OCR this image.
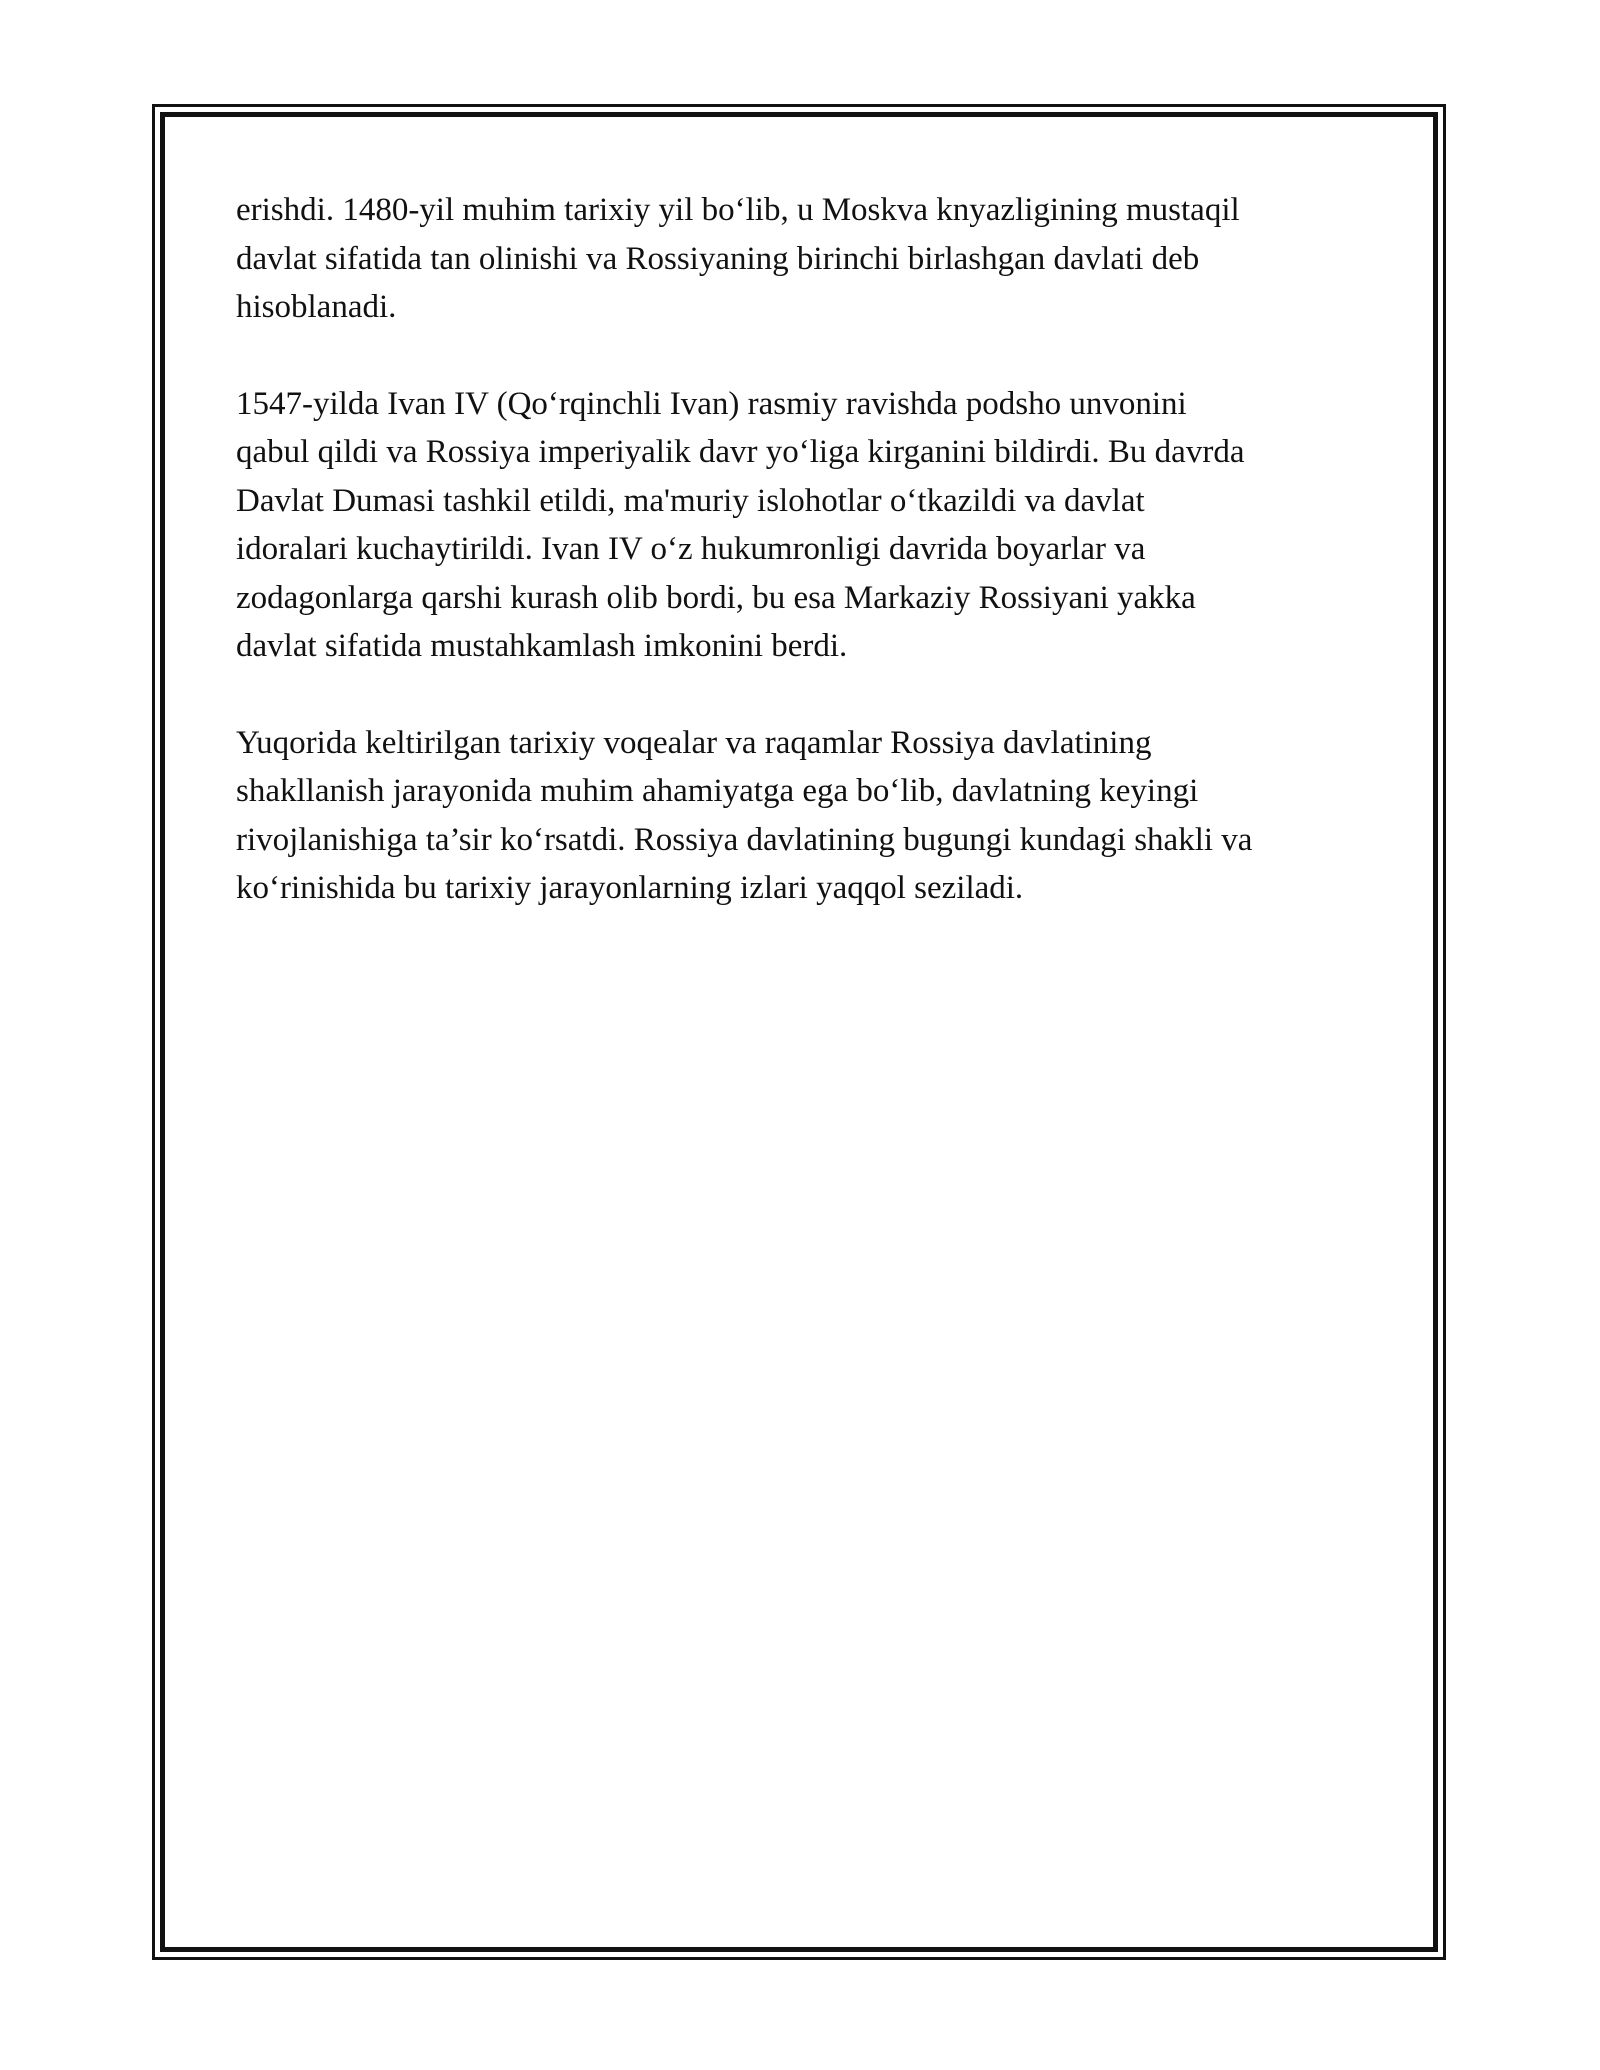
erishdi. 1480-yil muhim tarixiy yil bo‘lib, u Moskva knyazligining mustaqil
davlat sifatida tan olinishi va Rossiyaning birinchi birlashgan davlati deb
hisoblanadi.

1547-yilda Ivan IV (Qo‘rqinchli Ivan) rasmiy ravishda podsho unvonini
qabul qildi va Rossiya imperiyalik davr yo‘liga kirganini bildirdi. Bu davrda
Davlat Dumasi tashkil etildi, ma'muriy islohotlar o‘tkazildi va davlat
idoralari kuchaytirildi. Ivan IV o‘z hukumronligi davrida boyarlar va
zodagonlarga qarshi kurash olib bordi, bu esa Markaziy Rossiyani yakka
davlat sifatida mustahkamlash imkonini berdi.

Yuqorida keltirilgan tarixiy voqealar va raqamlar Rossiya davlatining
shakllanish jarayonida muhim ahamiyatga ega bo‘lib, davlatning keyingi
rivojlanishiga ta’sir ko‘rsatdi. Rossiya davlatining bugungi kundagi shakli va
ko‘rinishida bu tarixiy jarayonlarning izlari yaqqol seziladi.
